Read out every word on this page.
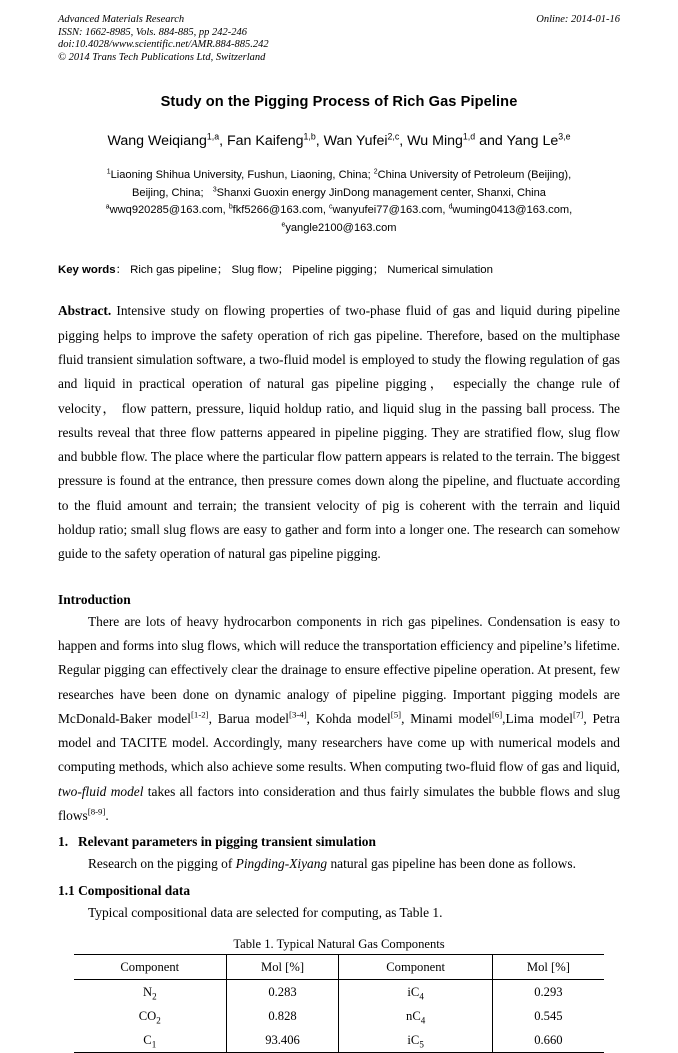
Advanced Materials Research
ISSN: 1662-8985, Vols. 884-885, pp 242-246
doi:10.4028/www.scientific.net/AMR.884-885.242
© 2014 Trans Tech Publications Ltd, Switzerland
Online: 2014-01-16
Study on the Pigging Process of Rich Gas Pipeline
Wang Weiqiang$^{1,a}$, Fan Kaifeng$^{1,b}$, Wan Yufei$^{2,c}$, Wu Ming$^{1,d}$ and Yang Le$^{3,e}$
$^1$Liaoning Shihua University, Fushun, Liaoning, China; $^2$China University of Petroleum (Beijing),
Beijing, China;   $^3$Shanxi Guoxin energy JinDong management center, Shanxi, China
$^a$wwq920285@163.com, $^b$fkf5266@163.com, $^c$wanyufei77@163.com, $^d$wuming0413@163.com,
$^e$yangle2100@163.com
Key words： Rich gas pipeline； Slug flow； Pipeline pigging； Numerical simulation
Abstract. Intensive study on flowing properties of two-phase fluid of gas and liquid during pipeline pigging helps to improve the safety operation of rich gas pipeline. Therefore, based on the multiphase fluid transient simulation software, a two-fluid model is employed to study the flowing regulation of gas and liquid in practical operation of natural gas pipeline pigging， especially the change rule of velocity， flow pattern, pressure, liquid holdup ratio, and liquid slug in the passing ball process. The results reveal that three flow patterns appeared in pipeline pigging. They are stratified flow, slug flow and bubble flow. The place where the particular flow pattern appears is related to the terrain. The biggest pressure is found at the entrance, then pressure comes down along the pipeline, and fluctuate according to the fluid amount and terrain; the transient velocity of pig is coherent with the terrain and liquid holdup ratio; small slug flows are easy to gather and form into a longer one. The research can somehow guide to the safety operation of natural gas pipeline pigging.
Introduction

There are lots of heavy hydrocarbon components in rich gas pipelines. Condensation is easy to happen and forms into slug flows, which will reduce the transportation efficiency and pipeline’s lifetime. Regular pigging can effectively clear the drainage to ensure effective pipeline operation. At present, few researches have been done on dynamic analogy of pipeline pigging. Important pigging models are McDonald-Baker model[1-2], Barua model[3-4], Kohda model[5], Minami model[6],Lima model[7], Petra model and TACITE model. Accordingly, many researchers have come up with numerical models and computing methods, which also achieve some results. When computing two-fluid flow of gas and liquid, two-fluid model takes all factors into consideration and thus fairly simulates the bubble flows and slug flows[8-9].

1. Relevant parameters in pigging transient simulation

Research on the pigging of Pingding-Xiyang natural gas pipeline has been done as follows.

1.1 Compositional data

Typical compositional data are selected for computing, as Table 1.

Table 1. Typical Natural Gas Components
Component	Mol [%]	Component	Mol [%]
$N_2$	0.283	$iC_4$	0.293
$CO_2$	0.828	$nC_4$	0.545
$C_1$	93.406	$iC_5$	0.660
